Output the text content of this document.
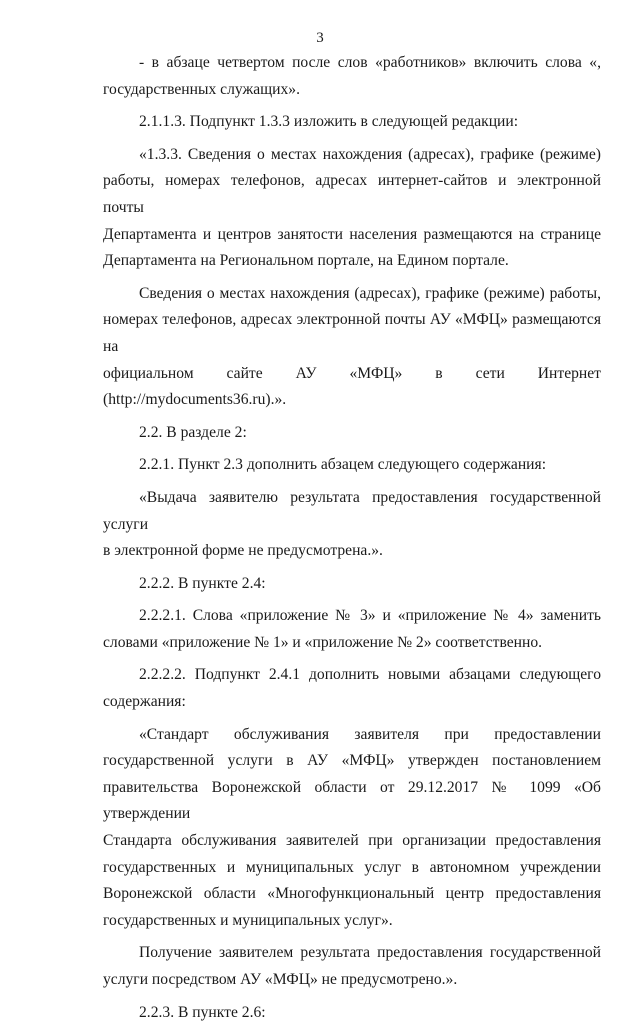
3
- в абзаце четвертом после слов «работников» включить слова «,
государственных служащих».
2.1.1.3. Подпункт 1.3.3 изложить в следующей редакции:
«1.3.3. Сведения о местах нахождения (адресах), графике (режиме)
работы, номерах телефонов, адресах интернет-сайтов и электронной почты
Департамента и центров занятости населения размещаются на странице
Департамента на Региональном портале, на Едином портале.
Сведения о местах нахождения (адресах), графике (режиме) работы,
номерах телефонов, адресах электронной почты АУ «МФЦ» размещаются на
официальном сайте АУ «МФЦ» в сети Интернет (http://mydocuments36.ru).».
2.2. В разделе 2:
2.2.1. Пункт 2.3 дополнить абзацем следующего содержания:
«Выдача заявителю результата предоставления государственной услуги
в электронной форме не предусмотрена.».
2.2.2. В пункте 2.4:
2.2.2.1. Слова «приложение № 3» и «приложение № 4» заменить
словами «приложение № 1» и «приложение № 2» соответственно.
2.2.2.2. Подпункт 2.4.1 дополнить новыми абзацами следующего
содержания:
«Стандарт обслуживания заявителя при предоставлении
государственной услуги в АУ «МФЦ» утвержден постановлением
правительства Воронежской области от 29.12.2017 № 1099 «Об утверждении
Стандарта обслуживания заявителей при организации предоставления
государственных и муниципальных услуг в автономном учреждении
Воронежской области «Многофункциональный центр предоставления
государственных и муниципальных услуг».
Получение заявителем результата предоставления государственной
услуги посредством АУ «МФЦ» не предусмотрено.».
2.2.3. В пункте 2.6:
